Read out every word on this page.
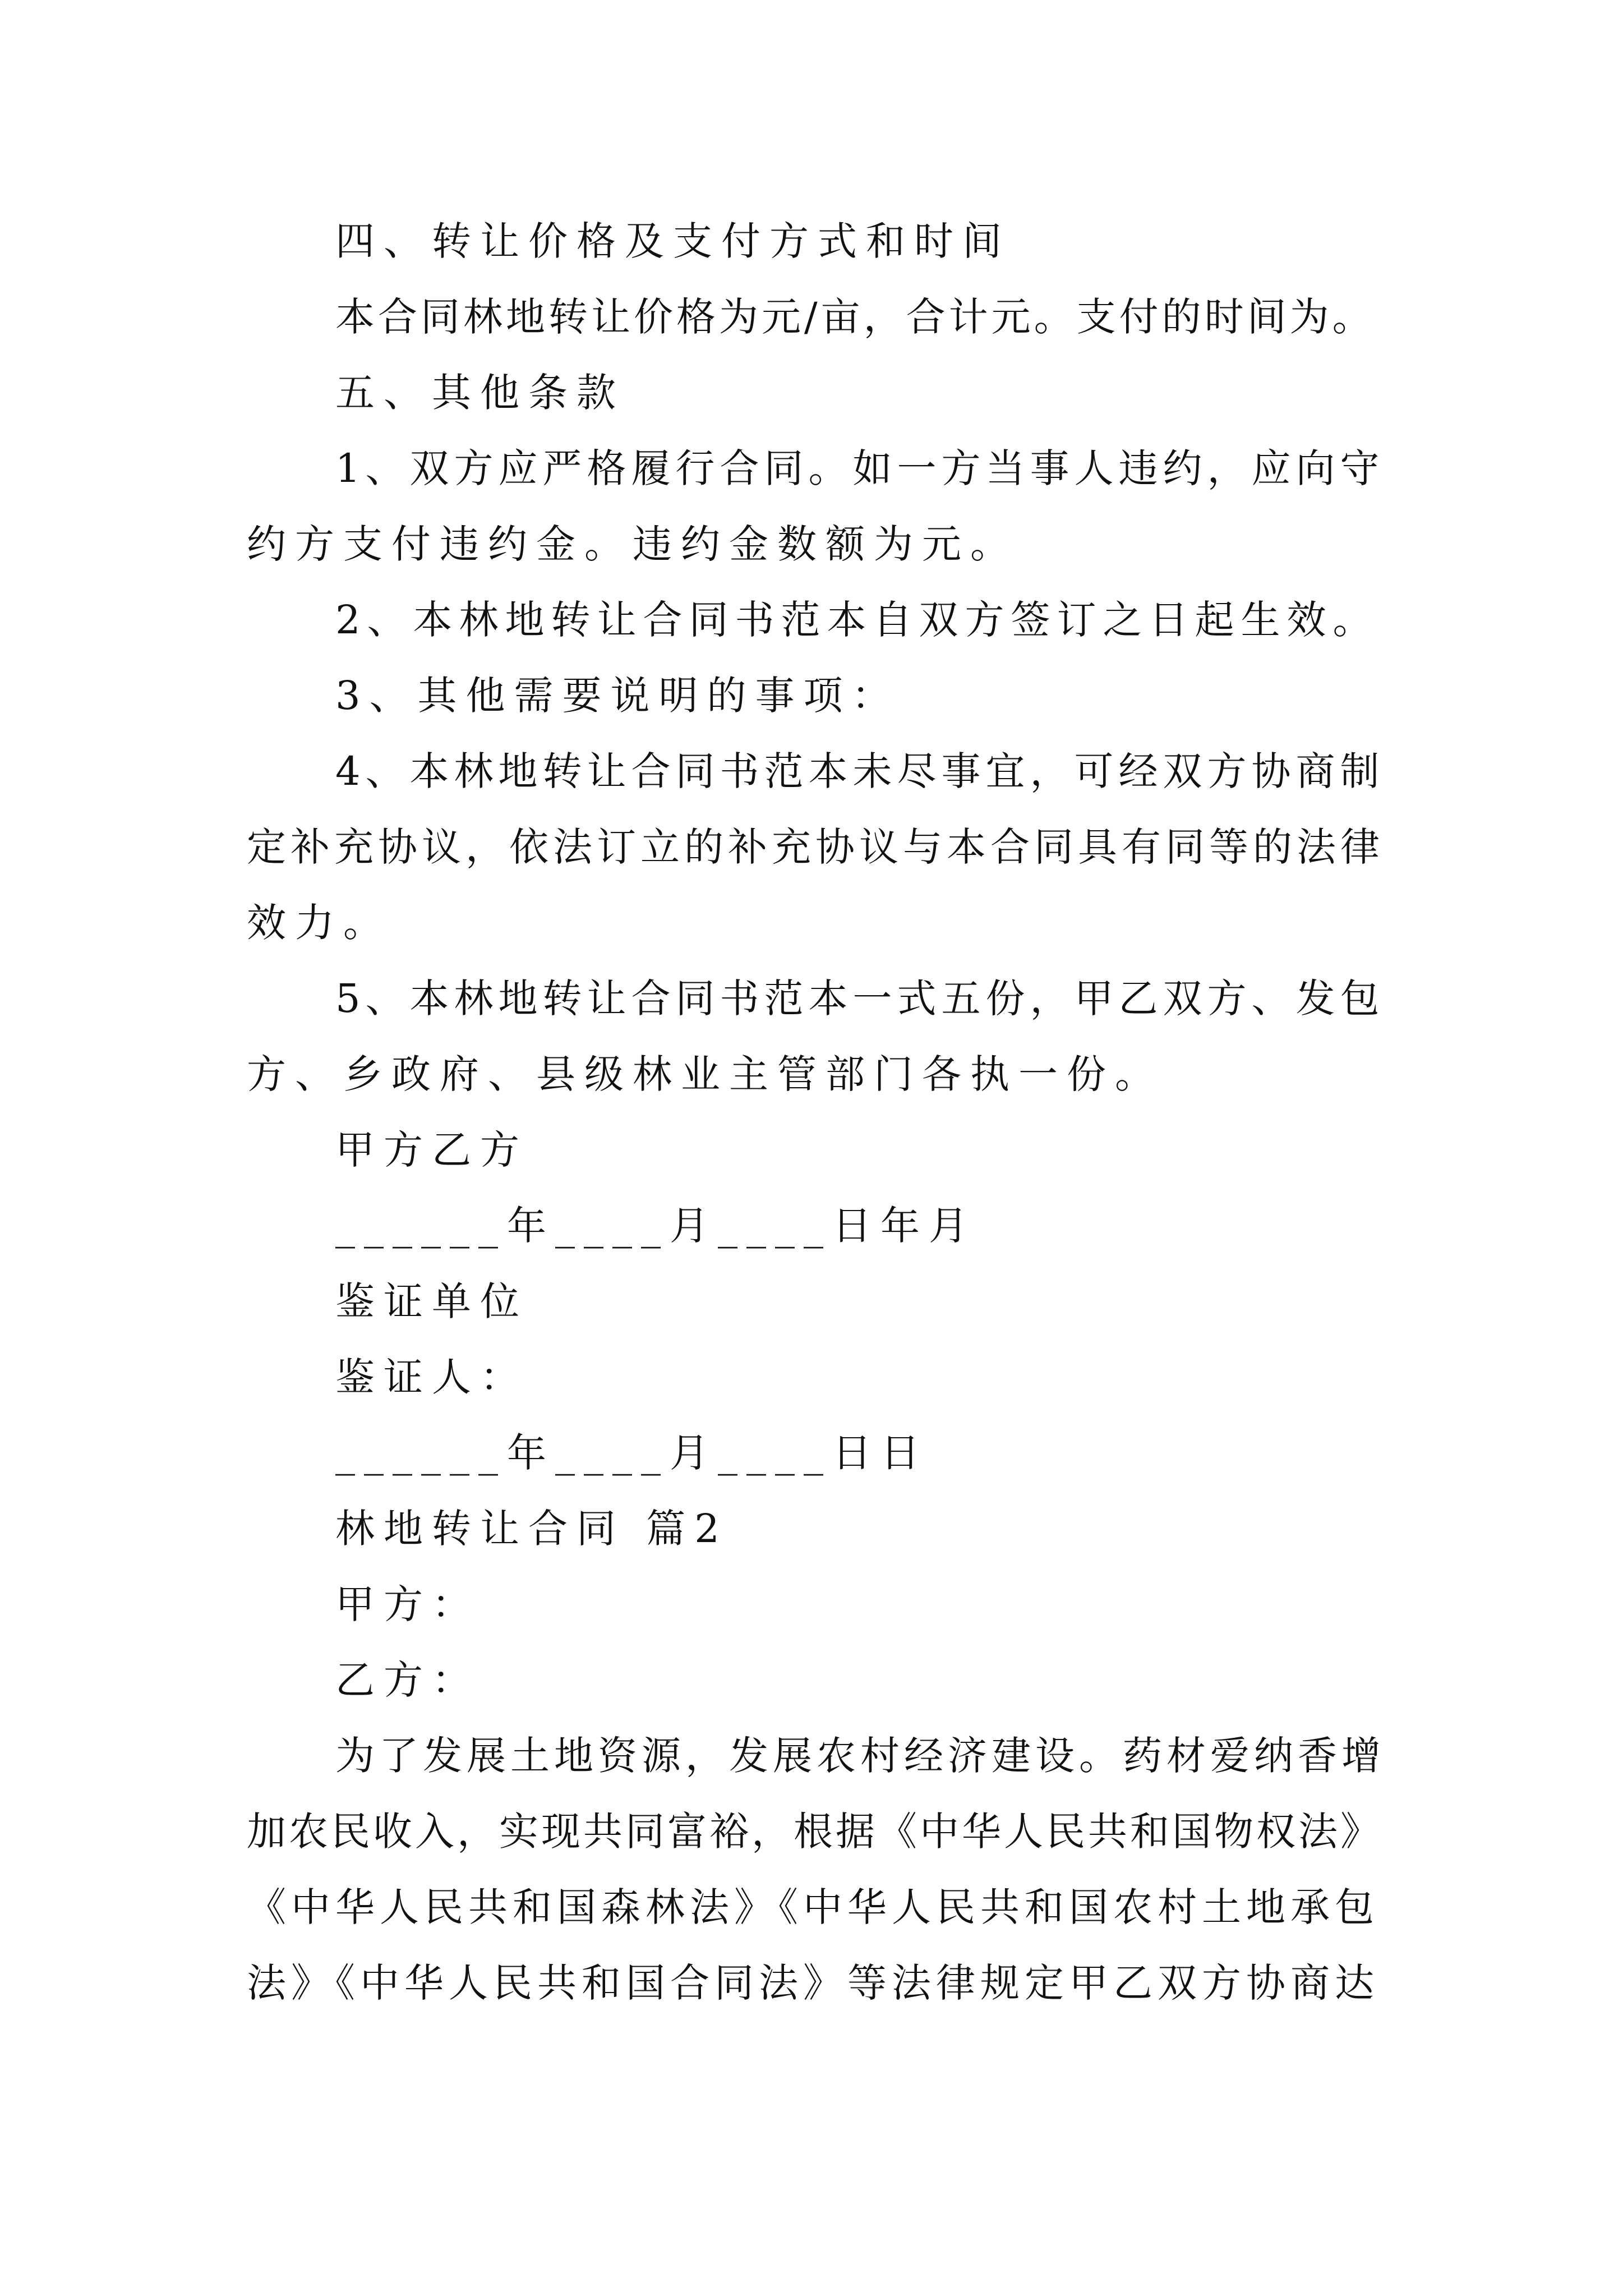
四、转让价格及支付方式和时间
本合同林地转让价格为元/亩，合计元。支付的时间为。
五、其他条款
1、双方应严格履行合同。如一方当事人违约，应向守
约方支付违约金。违约金数额为元。
2、本林地转让合同书范本自双方签订之日起生效。
3、其他需要说明的事项：
4、本林地转让合同书范本未尽事宜，可经双方协商制
定补充协议，依法订立的补充协议与本合同具有同等的法律
效力。
5、本林地转让合同书范本一式五份，甲乙双方、发包
方、乡政府、县级林业主管部门各执一份。
甲方乙方
______年____月____日年月
鉴证单位
鉴证人：
______年____月____日日
林地转让合同 篇2
甲方：
乙方：
为了发展土地资源，发展农村经济建设。药材爱纳香增
加农民收入，实现共同富裕，根据《中华人民共和国物权法》
《中华人民共和国森林法》《中华人民共和国农村土地承包
法》《中华人民共和国合同法》等法律规定甲乙双方协商达
